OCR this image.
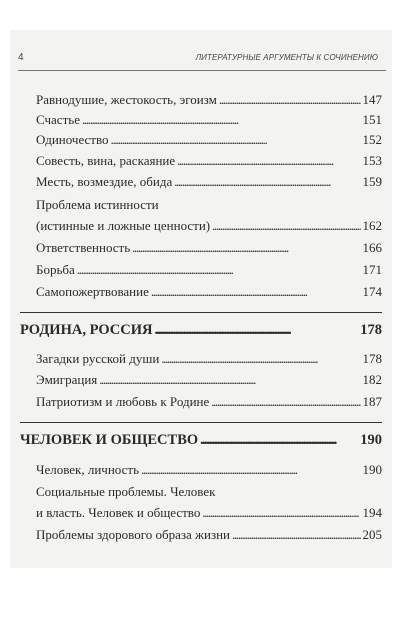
4	ЛИТЕРАТУРНЫЕ АРГУМЕНТЫ К СОЧИНЕНИЮ
Равнодушие, жестокость, эгоизм . . .	147
Счастье . . .	151
Одиночество . . .	152
Совесть, вина, раскаяние . . .	153
Месть, возмездие, обида . . .	159
Проблема истинности
(истинные и ложные ценности) . . .	162
Ответственность . . .	166
Борьба . . .	171
Самопожертвование . . .	174
РОДИНА, РОССИЯ . . .	178
Загадки русской души . . .	178
Эмиграция . . .	182
Патриотизм и любовь к Родине . . .	187
ЧЕЛОВЕК И ОБЩЕСТВО . . .	190
Человек, личность . . .	190
Социальные проблемы. Человек
и власть. Человек и общество . . .	194
Проблемы здорового образа жизни . . .	205
